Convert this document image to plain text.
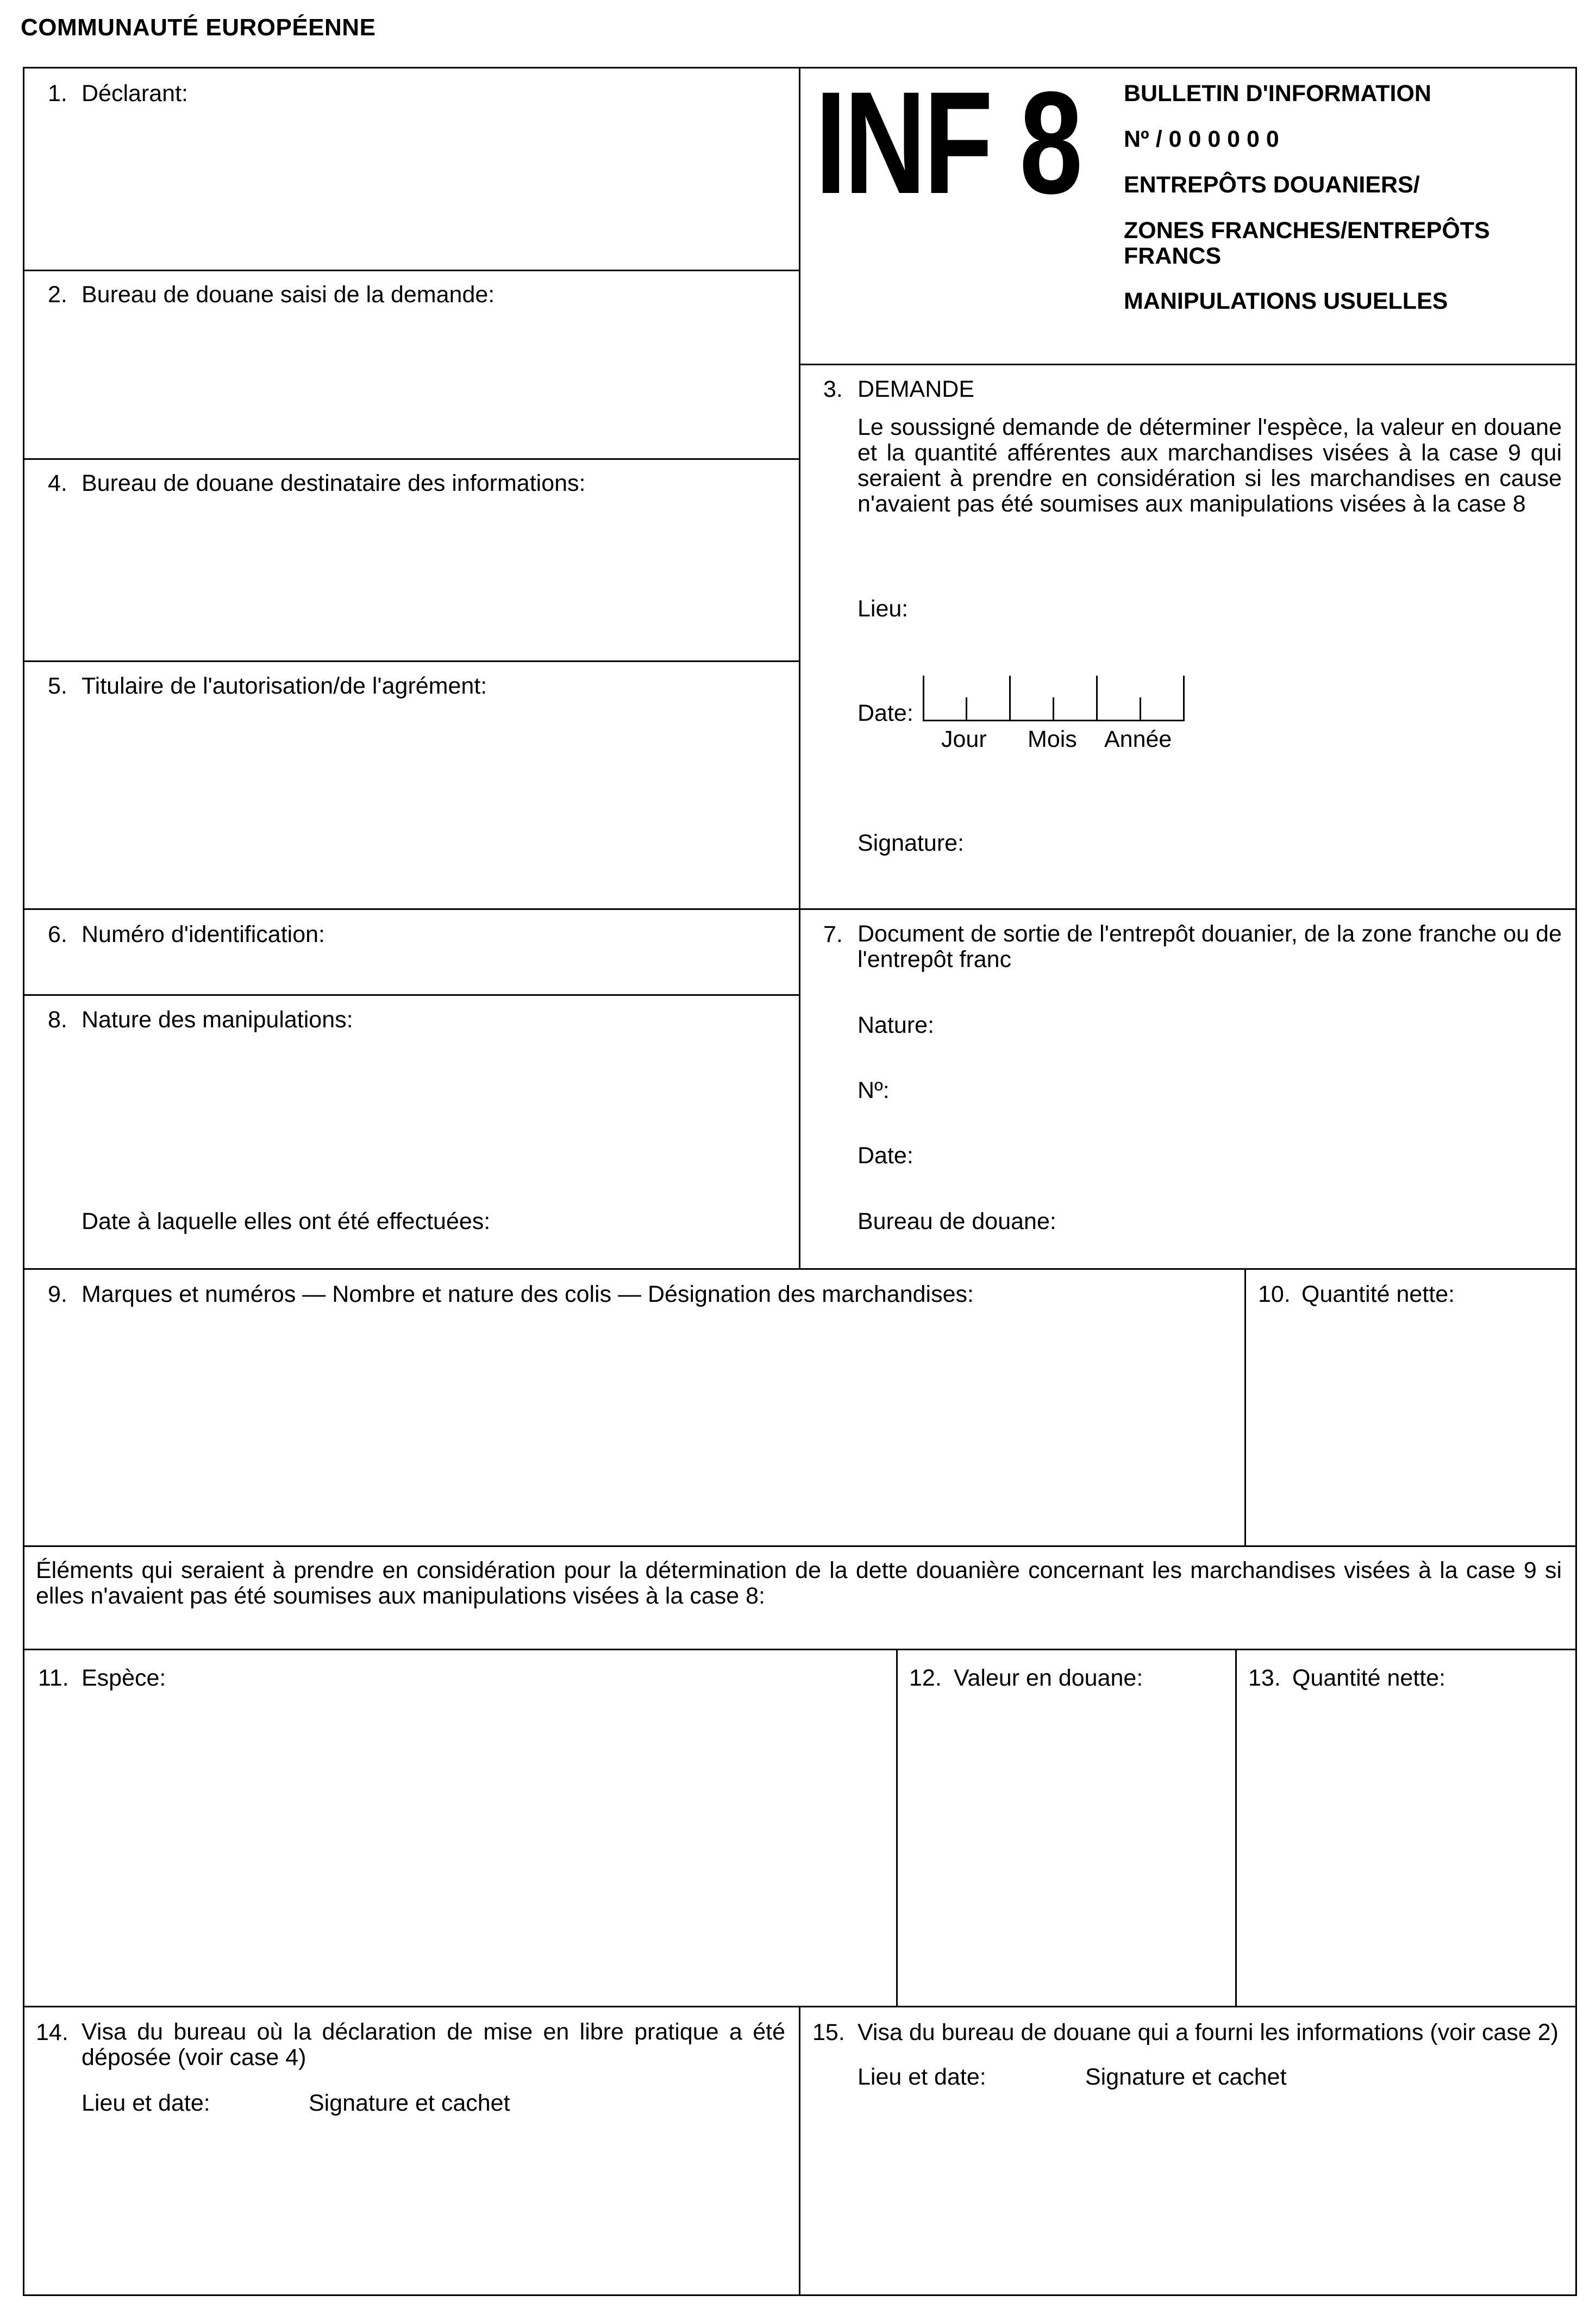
COMMUNAUTÉ EUROPÉENNE
1. Déclarant:
2. Bureau de douane saisi de la demande:
4. Bureau de douane destinataire des informations:
5. Titulaire de l'autorisation/de l'agrément:
INF 8 BULLETIN D'INFORMATION
Nº / 0 0 0 0 0 0
ENTREPÔTS DOUANIERS/
ZONES FRANCHES/ENTREPÔTS
FRANCS
MANIPULATIONS USUELLES
3. DEMANDE
Le soussigné demande de déterminer l'espèce, la valeur en douane et la quantité afférentes aux marchandises visées à la case 9 qui seraient à prendre en considération si les marchandises en cause n'avaient pas été soumises aux manipulations visées à la case 8
Lieu:
Date:
Jour Mois Année
Signature:
6. Numéro d'identification:
8. Nature des manipulations:
Date à laquelle elles ont été effectuées:
7. Document de sortie de l'entrepôt douanier, de la zone franche ou de l'entrepôt franc
Nature:
Nº:
Date:
Bureau de douane:
9. Marques et numéros — Nombre et nature des colis — Désignation des marchandises:	10. Quantité nette:
Éléments qui seraient à prendre en considération pour la détermination de la dette douanière concernant les marchandises visées à la case 9 si elles n'avaient pas été soumises aux manipulations visées à la case 8:
11. Espèce:	12. Valeur en douane:	13. Quantité nette:
14. Visa du bureau où la déclaration de mise en libre pratique a été déposée (voir case 4)
Lieu et date:	Signature et cachet
15. Visa du bureau de douane qui a fourni les informations (voir case 2)
Lieu et date:	Signature et cachet
